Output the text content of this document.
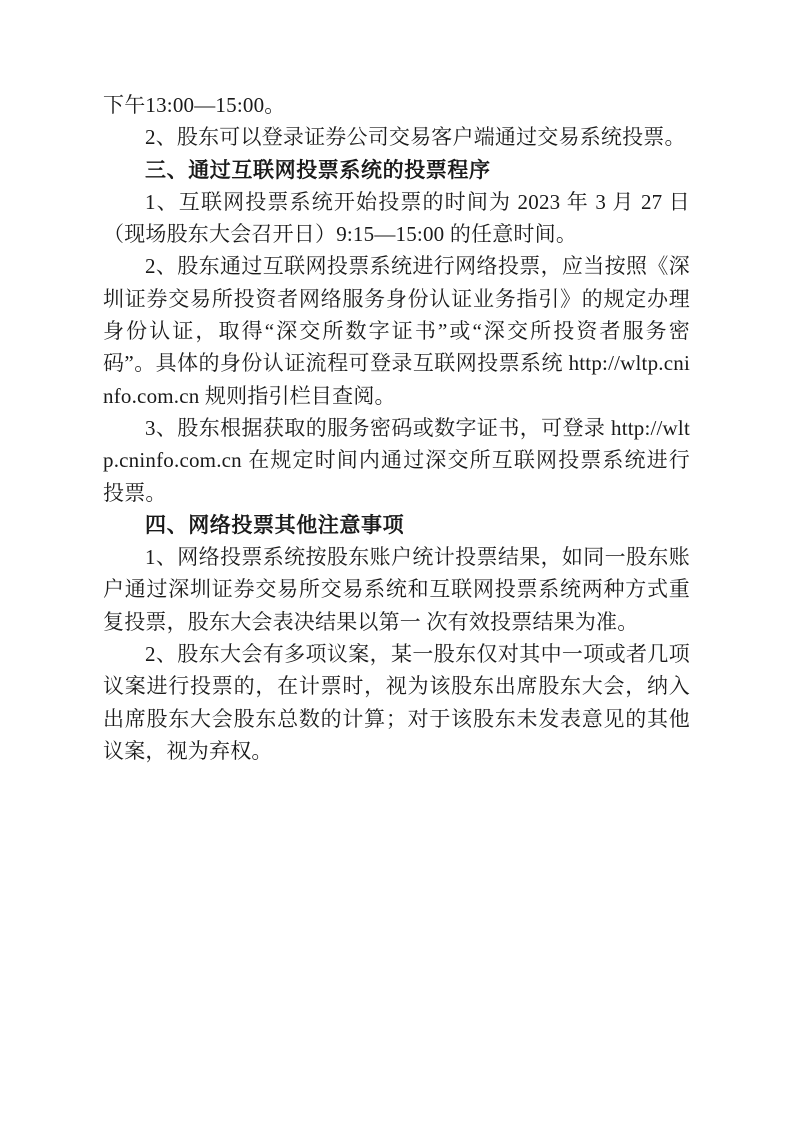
下午13:00—15:00。

2、股东可以登录证券公司交易客户端通过交易系统投票。

三、通过互联网投票系统的投票程序

1、互联网投票系统开始投票的时间为 2023 年 3 月 27 日（现场股东大会召开日）9:15—15:00 的任意时间。

2、股东通过互联网投票系统进行网络投票，应当按照《深圳证券交易所投资者网络服务身份认证业务指引》的规定办理身份认证，取得“深交所数字证书”或“深交所投资者服务密码”。具体的身份认证流程可登录互联网投票系统 http://wltp.cninfo.com.cn 规则指引栏目查阅。

3、股东根据获取的服务密码或数字证书，可登录 http://wltp.cninfo.com.cn 在规定时间内通过深交所互联网投票系统进行投票。

四、网络投票其他注意事项

1、网络投票系统按股东账户统计投票结果，如同一股东账户通过深圳证券交易所交易系统和互联网投票系统两种方式重复投票，股东大会表决结果以第一 次有效投票结果为准。

2、股东大会有多项议案，某一股东仅对其中一项或者几项议案进行投票的，在计票时，视为该股东出席股东大会，纳入出席股东大会股东总数的计算；对于该股东未发表意见的其他议案，视为弃权。
